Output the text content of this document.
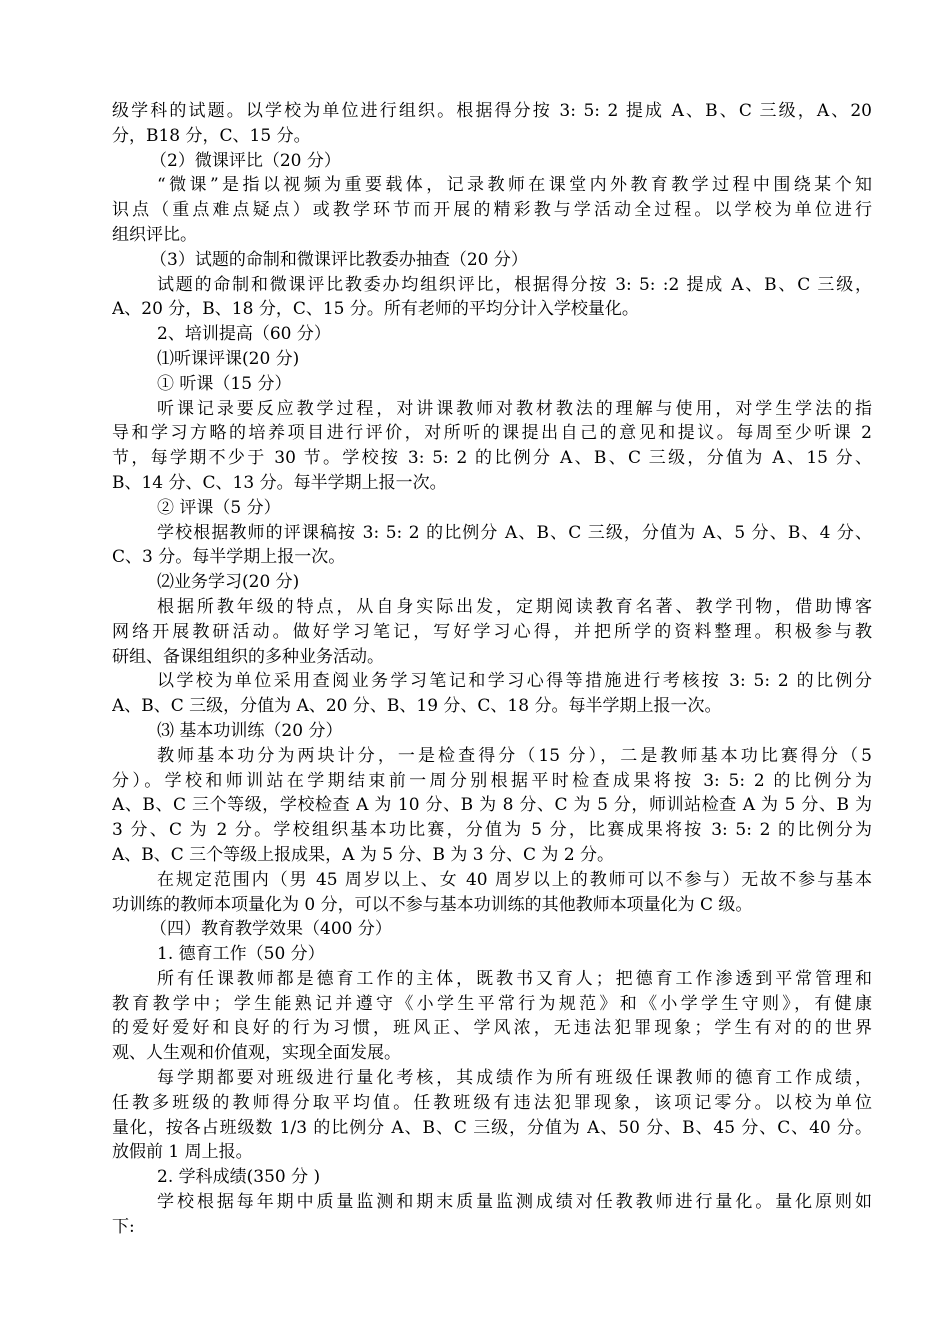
级学科的试题。以学校为单位进行组织。根据得分按 3: 5: 2 提成 A、B、C 三级，A、20
分，B18 分，C、15 分。
（2）微课评比（20 分）
“微课”是指以视频为重要载体，记录教师在课堂内外教育教学过程中围绕某个知
识点（重点难点疑点）或教学环节而开展的精彩教与学活动全过程。以学校为单位进行
组织评比。
（3）试题的命制和微课评比教委办抽查（20 分）
试题的命制和微课评比教委办均组织评比，根据得分按 3: 5: :2 提成 A、B、C 三级，
A、20 分，B、18 分，C、15 分。所有老师的平均分计入学校量化。
2、培训提高（60 分）
⑴听课评课(20 分)
① 听课（15 分）
听课记录要反应教学过程，对讲课教师对教材教法的理解与使用，对学生学法的指
导和学习方略的培养项目进行评价，对所听的课提出自己的意见和提议。每周至少听课 2
节，每学期不少于 30 节。学校按 3: 5: 2 的比例分 A、B、C 三级，分值为 A、15 分、
B、14 分、C、13 分。每半学期上报一次。
② 评课（5 分）
学校根据教师的评课稿按 3: 5: 2 的比例分 A、B、C 三级，分值为 A、5 分、B、4 分、
C、3 分。每半学期上报一次。
⑵业务学习(20 分)
根据所教年级的特点，从自身实际出发，定期阅读教育名著、教学刊物，借助博客
网络开展教研活动。做好学习笔记，写好学习心得，并把所学的资料整理。积极参与教
研组、备课组组织的多种业务活动。
以学校为单位采用查阅业务学习笔记和学习心得等措施进行考核按 3: 5: 2 的比例分
A、B、C 三级，分值为 A、20 分、B、19 分、C、18 分。每半学期上报一次。
⑶ 基本功训练（20 分）
教师基本功分为两块计分，一是检查得分（15 分），二是教师基本功比赛得分（5
分）。学校和师训站在学期结束前一周分别根据平时检查成果将按 3: 5: 2 的比例分为
A、B、C 三个等级，学校检查 A 为 10 分、B 为 8 分、C 为 5 分，师训站检查 A 为 5 分、B 为
3 分、C 为 2 分。学校组织基本功比赛，分值为 5 分，比赛成果将按 3: 5: 2 的比例分为
A、B、C 三个等级上报成果，A 为 5 分、B 为 3 分、C 为 2 分。
在规定范围内（男 45 周岁以上、女 40 周岁以上的教师可以不参与）无故不参与基本
功训练的教师本项量化为 0 分，可以不参与基本功训练的其他教师本项量化为 C 级。
（四）教育教学效果（400 分）
1. 德育工作（50 分）
所有任课教师都是德育工作的主体，既教书又育人；把德育工作渗透到平常管理和
教育教学中；学生能熟记并遵守《小学生平常行为规范》和《小学学生守则》，有健康
的爱好爱好和良好的行为习惯，班风正、学风浓，无违法犯罪现象；学生有对的的世界
观、人生观和价值观，实现全面发展。
每学期都要对班级进行量化考核，其成绩作为所有班级任课教师的德育工作成绩，
任教多班级的教师得分取平均值。任教班级有违法犯罪现象，该项记零分。以校为单位
量化，按各占班级数 1/3 的比例分 A、B、C 三级，分值为 A、50 分、B、45 分、C、40 分。
放假前 1 周上报。
2. 学科成绩(350 分 )
学校根据每年期中质量监测和期末质量监测成绩对任教教师进行量化。量化原则如
下:
